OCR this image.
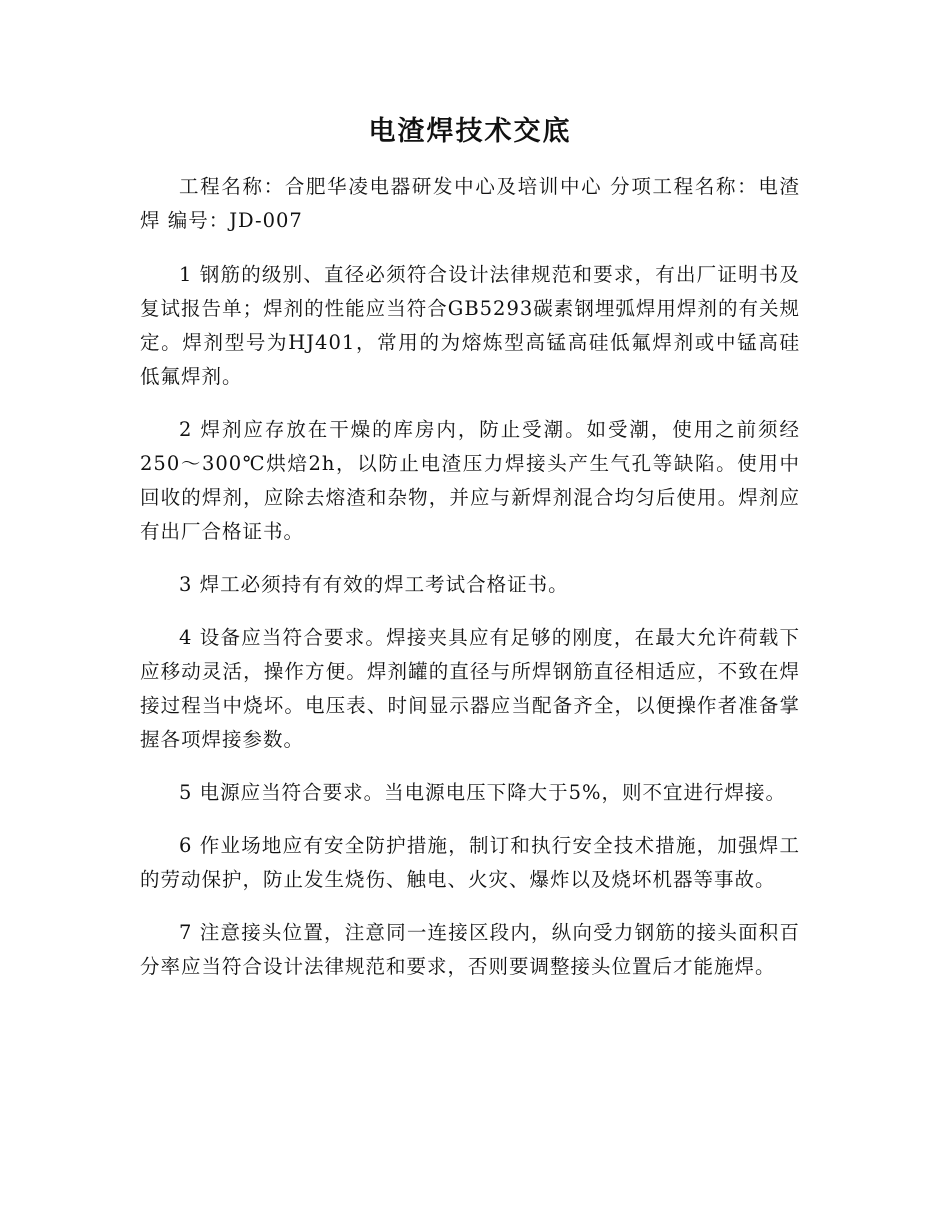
电渣焊技术交底

工程名称：合肥华凌电器研发中心及培训中心 分项工程名称：电渣焊 编号：JD-007

1 钢筋的级别、直径必须符合设计法律规范和要求，有出厂证明书及复试报告单；焊剂的性能应当符合GB5293碳素钢埋弧焊用焊剂的有关规定。焊剂型号为HJ401，常用的为熔炼型高锰高硅低氟焊剂或中锰高硅低氟焊剂。

2 焊剂应存放在干燥的库房内，防止受潮。如受潮，使用之前须经250～300℃烘焙2h，以防止电渣压力焊接头产生气孔等缺陷。使用中回收的焊剂，应除去熔渣和杂物，并应与新焊剂混合均匀后使用。焊剂应有出厂合格证书。

3 焊工必须持有有效的焊工考试合格证书。

4 设备应当符合要求。焊接夹具应有足够的刚度，在最大允许荷载下应移动灵活，操作方便。焊剂罐的直径与所焊钢筋直径相适应，不致在焊接过程当中烧坏。电压表、时间显示器应当配备齐全，以便操作者准备掌握各项焊接参数。

5 电源应当符合要求。当电源电压下降大于5%，则不宜进行焊接。

6 作业场地应有安全防护措施，制订和执行安全技术措施，加强焊工的劳动保护，防止发生烧伤、触电、火灾、爆炸以及烧坏机器等事故。

7 注意接头位置，注意同一连接区段内，纵向受力钢筋的接头面积百分率应当符合设计法律规范和要求，否则要调整接头位置后才能施焊。
